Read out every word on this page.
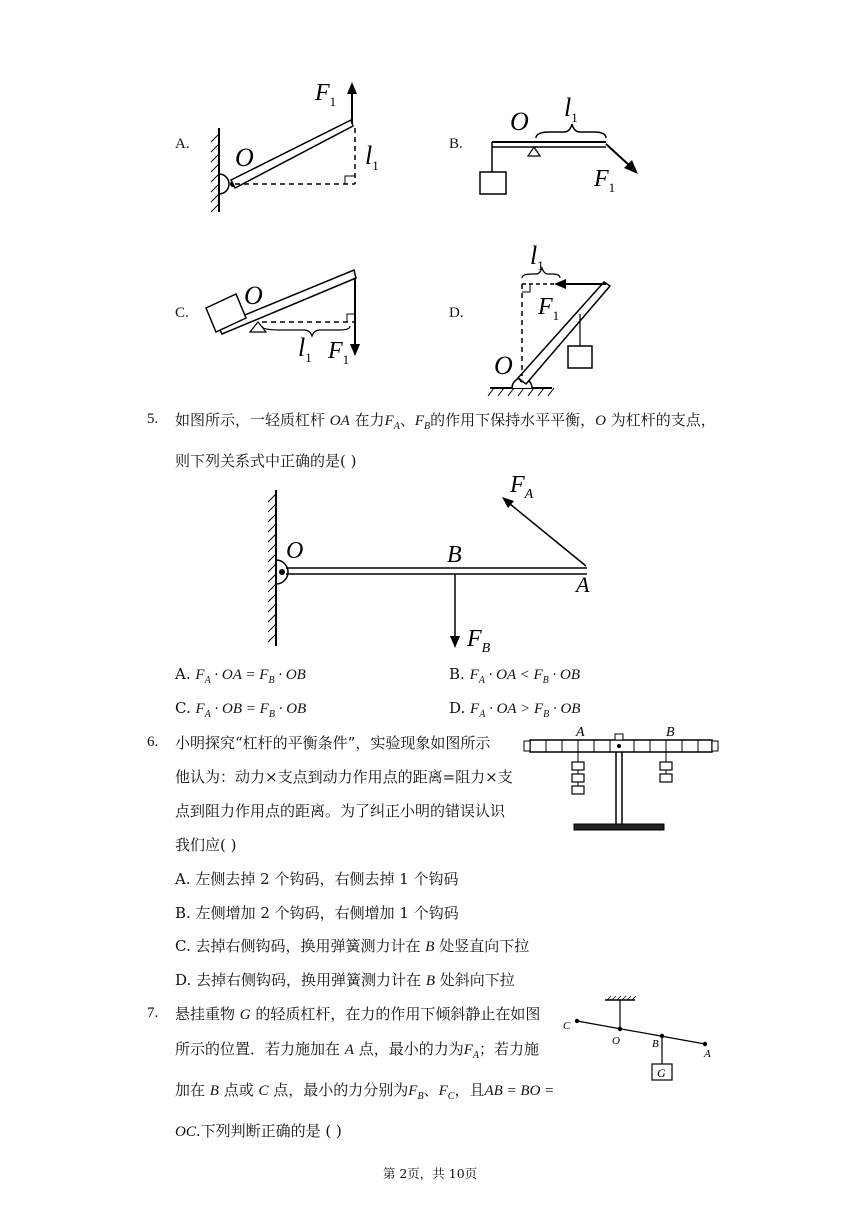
A.	B.
C.	D.
$F_1$
O	$l_1$
O $l_1$
$F_1$
O
$l_1$ $F_1$
$l_1$
$F_1$
O
5. 如图所示，一轻质杠杆 OA 在力$F_A$、$F_B$的作用下保持水平平衡，O 为杠杆的支点，
则下列关系式中正确的是( )
O	B
A
$F_A$
$F_B$
A. $F_A$ · OA = $F_B$ · OB	B. $F_A$ · OA < $F_B$ · OB
C. $F_A$ · OB = $F_B$ · OB	D. $F_A$ · OA > $F_B$ · OB
6. 小明探究“杠杆的平衡条件”，实验现象如图所示
他认为：动力×支点到动力作用点的距离=阻力×支
点到阻力作用点的距离。为了纠正小明的错误认识
我们应( )
A	B
A. 左侧去掉 2 个钩码，右侧去掉 1 个钩码
B. 左侧增加 2 个钩码，右侧增加 1 个钩码
C. 去掉右侧钩码，换用弹簧测力计在 B 处竖直向下拉
D. 去掉右侧钩码，换用弹簧测力计在 B 处斜向下拉
7. 悬挂重物 G 的轻质杠杆，在力的作用下倾斜静止在如图
所示的位置．若力施加在 A 点，最小的力为$F_A$；若力施
加在 B 点或 C 点，最小的力分别为$F_B$、$F_C$，且AB = BO =
OC.下列判断正确的是 ( )
C
O	B
A
G
第 2页，共 10页
